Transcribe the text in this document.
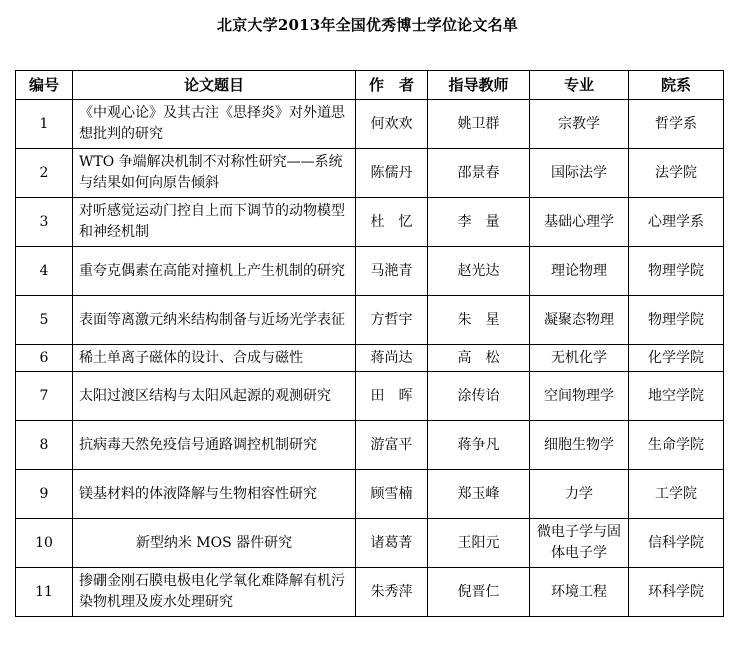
北京大学2013年全国优秀博士学位论文名单
编号	论文题目	作　者	指导教师	专业	院系
1	《中观心论》及其古注《思择炎》对外道思想批判的研究	何欢欢	姚卫群	宗教学	哲学系
2	WTO 争端解决机制不对称性研究——系统与结果如何向原告倾斜	陈儒丹	邵景春	国际法学	法学院
3	对听感觉运动门控自上而下调节的动物模型和神经机制	杜　忆	李　量	基础心理学	心理学系
4	重夸克偶素在高能对撞机上产生机制的研究	马滟青	赵光达	理论物理	物理学院
5	表面等离激元纳米结构制备与近场光学表征	方哲宇	朱　星	凝聚态物理	物理学院
6	稀土单离子磁体的设计、合成与磁性	蒋尚达	高　松	无机化学	化学学院
7	太阳过渡区结构与太阳风起源的观测研究	田　晖	涂传诒	空间物理学	地空学院
8	抗病毒天然免疫信号通路调控机制研究	游富平	蒋争凡	细胞生物学	生命学院
9	镁基材料的体液降解与生物相容性研究	顾雪楠	郑玉峰	力学	工学院
10	新型纳米 MOS 器件研究	诸葛菁	王阳元	微电子学与固体电子学	信科学院
11	掺硼金刚石膜电极电化学氧化难降解有机污染物机理及废水处理研究	朱秀萍	倪晋仁	环境工程	环科学院
